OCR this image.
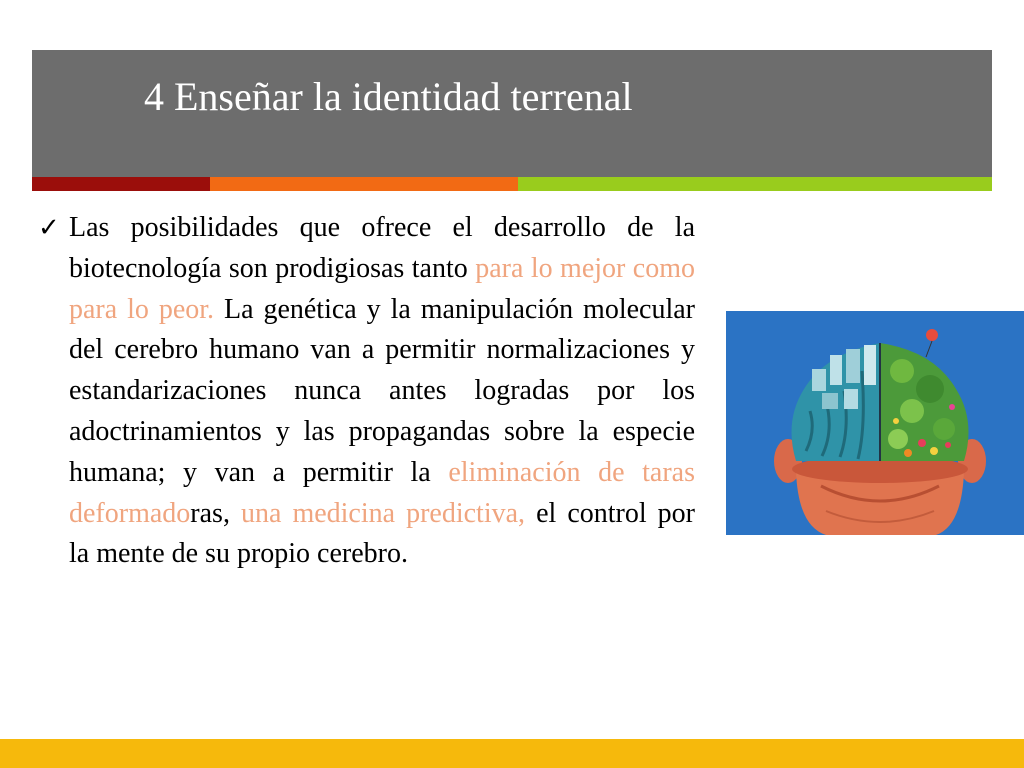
4 Enseñar la identidad terrenal
✓ Las posibilidades que ofrece el desarrollo de la biotecnología son prodigiosas tanto para lo mejor como para lo peor. La genética y la manipulación molecular del cerebro humano van a permitir normalizaciones y estandarizaciones nunca antes logradas por los adoctrinamientos y las propagandas sobre la especie humana; y van a permitir la eliminación de taras deformadoras, una medicina predictiva, el control por la mente de su propio cerebro.
